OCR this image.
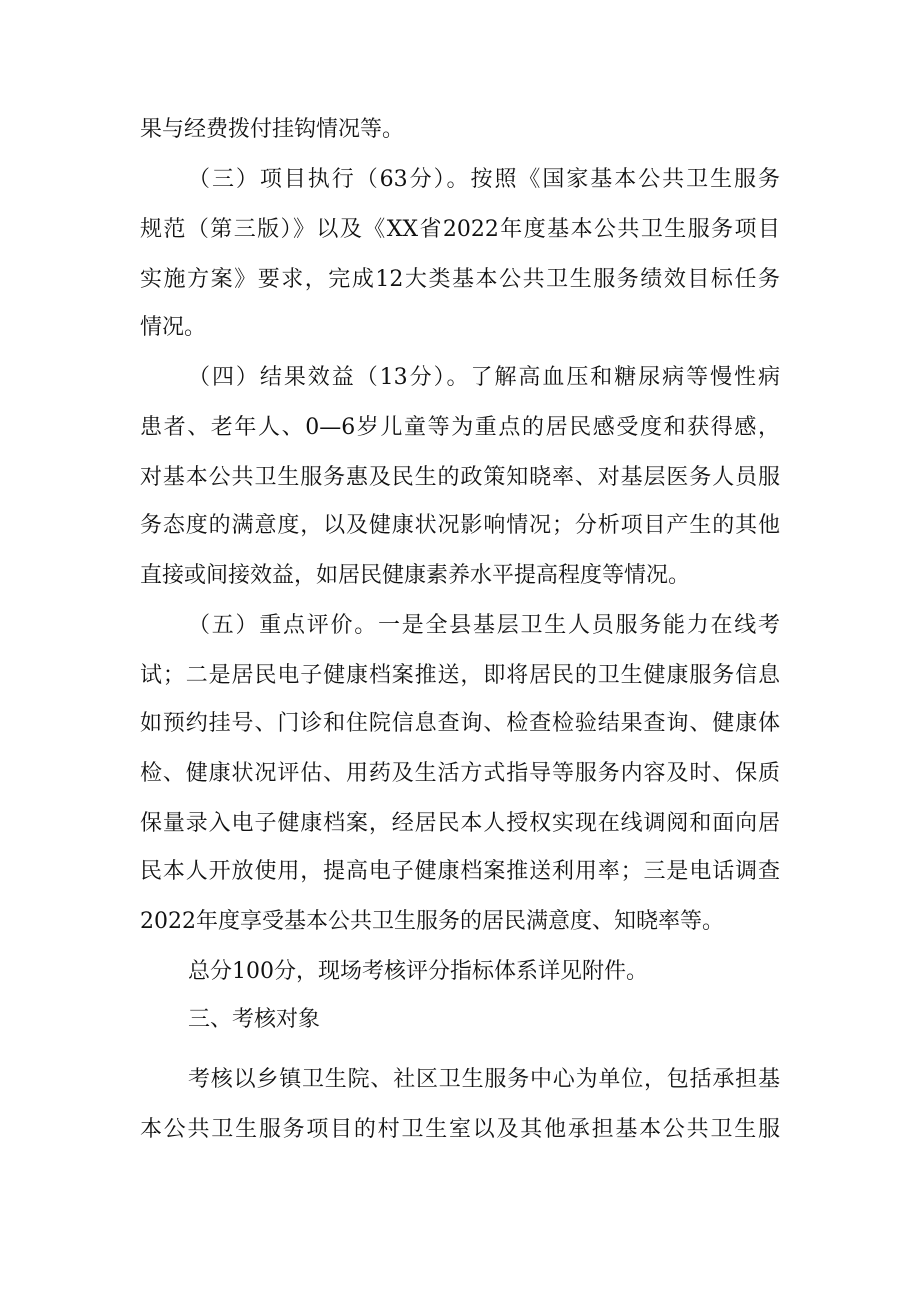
果与经费拨付挂钩情况等。
（三）项目执行（63分）。按照《国家基本公共卫生服务
规范（第三版）》以及《XX省2022年度基本公共卫生服务项目
实施方案》要求，完成12大类基本公共卫生服务绩效目标任务
情况。
（四）结果效益（13分）。了解高血压和糖尿病等慢性病
患者、老年人、0—6岁儿童等为重点的居民感受度和获得感，
对基本公共卫生服务惠及民生的政策知晓率、对基层医务人员服
务态度的满意度，以及健康状况影响情况；分析项目产生的其他
直接或间接效益，如居民健康素养水平提高程度等情况。
（五）重点评价。一是全县基层卫生人员服务能力在线考
试；二是居民电子健康档案推送，即将居民的卫生健康服务信息
如预约挂号、门诊和住院信息查询、检查检验结果查询、健康体
检、健康状况评估、用药及生活方式指导等服务内容及时、保质
保量录入电子健康档案，经居民本人授权实现在线调阅和面向居
民本人开放使用，提高电子健康档案推送利用率；三是电话调查
2022年度享受基本公共卫生服务的居民满意度、知晓率等。
总分100分，现场考核评分指标体系详见附件。
三、考核对象
考核以乡镇卫生院、社区卫生服务中心为单位，包括承担基
本公共卫生服务项目的村卫生室以及其他承担基本公共卫生服
